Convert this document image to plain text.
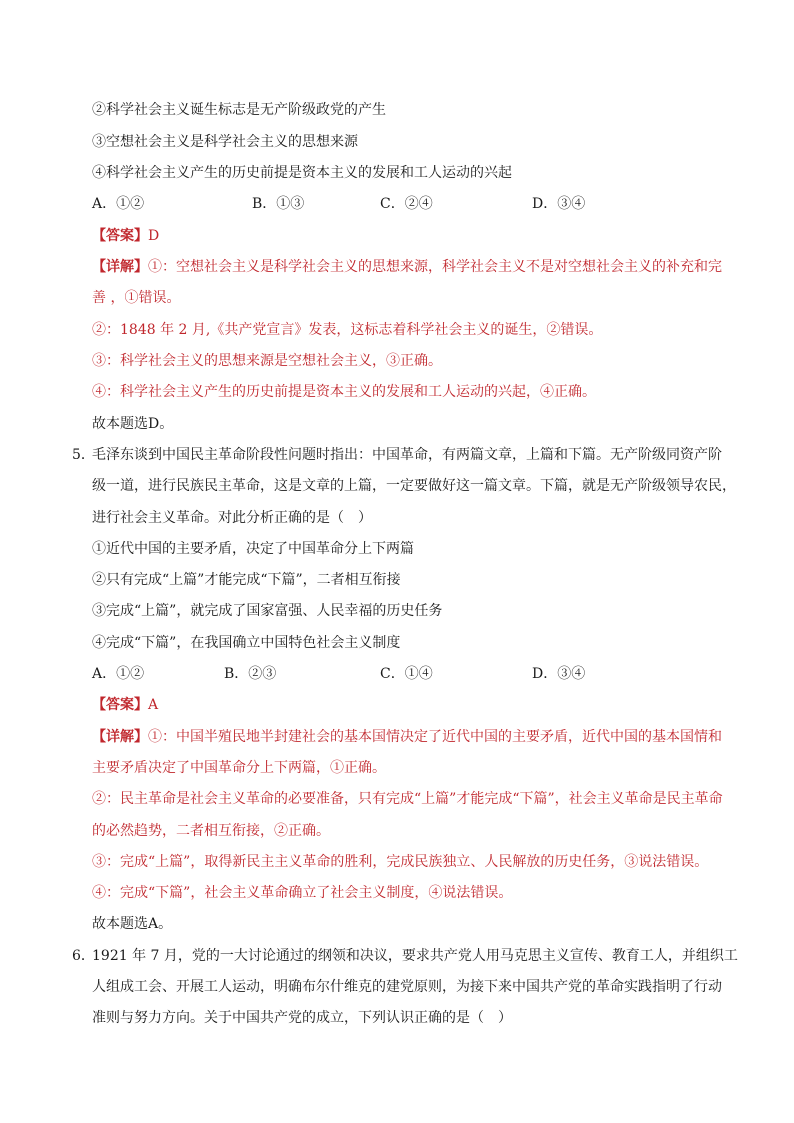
②科学社会主义诞生标志是无产阶级政党的产生
③空想社会主义是科学社会主义的思想来源
④科学社会主义产生的历史前提是资本主义的发展和工人运动的兴起
A．①②	B．①③	C．②④	D．③④
【答案】D
【详解】①：空想社会主义是科学社会主义的思想来源，科学社会主义不是对空想社会主义的补充和完
善 ，①错误。
②：1848 年 2 月,《共产党宣言》发表，这标志着科学社会主义的诞生，②错误。
③：科学社会主义的思想来源是空想社会主义，③正确。
④：科学社会主义产生的历史前提是资本主义的发展和工人运动的兴起，④正确。
故本题选D。
5．毛泽东谈到中国民主革命阶段性问题时指出：中国革命，有两篇文章，上篇和下篇。无产阶级同资产阶
级一道，进行民族民主革命，这是文章的上篇，一定要做好这一篇文章。下篇，就是无产阶级领导农民，
进行社会主义革命。对此分析正确的是（　）
①近代中国的主要矛盾，决定了中国革命分上下两篇
②只有完成“上篇”才能完成“下篇”，二者相互衔接
③完成“上篇”，就完成了国家富强、人民幸福的历史任务
④完成“下篇”，在我国确立中国特色社会主义制度
A．①②	B．②③	C．①④	D．③④
【答案】A
【详解】①：中国半殖民地半封建社会的基本国情决定了近代中国的主要矛盾，近代中国的基本国情和
主要矛盾决定了中国革命分上下两篇，①正确。
②：民主革命是社会主义革命的必要准备，只有完成“上篇”才能完成“下篇”，社会主义革命是民主革命
的必然趋势，二者相互衔接，②正确。
③：完成“上篇”，取得新民主主义革命的胜利，完成民族独立、人民解放的历史任务，③说法错误。
④：完成“下篇”，社会主义革命确立了社会主义制度，④说法错误。
故本题选A。
6．1921 年 7 月，党的一大讨论通过的纲领和决议，要求共产党人用马克思主义宣传、教育工人，并组织工
人组成工会、开展工人运动，明确布尔什维克的建党原则，为接下来中国共产党的革命实践指明了行动
准则与努力方向。关于中国共产党的成立，下列认识正确的是（　）
